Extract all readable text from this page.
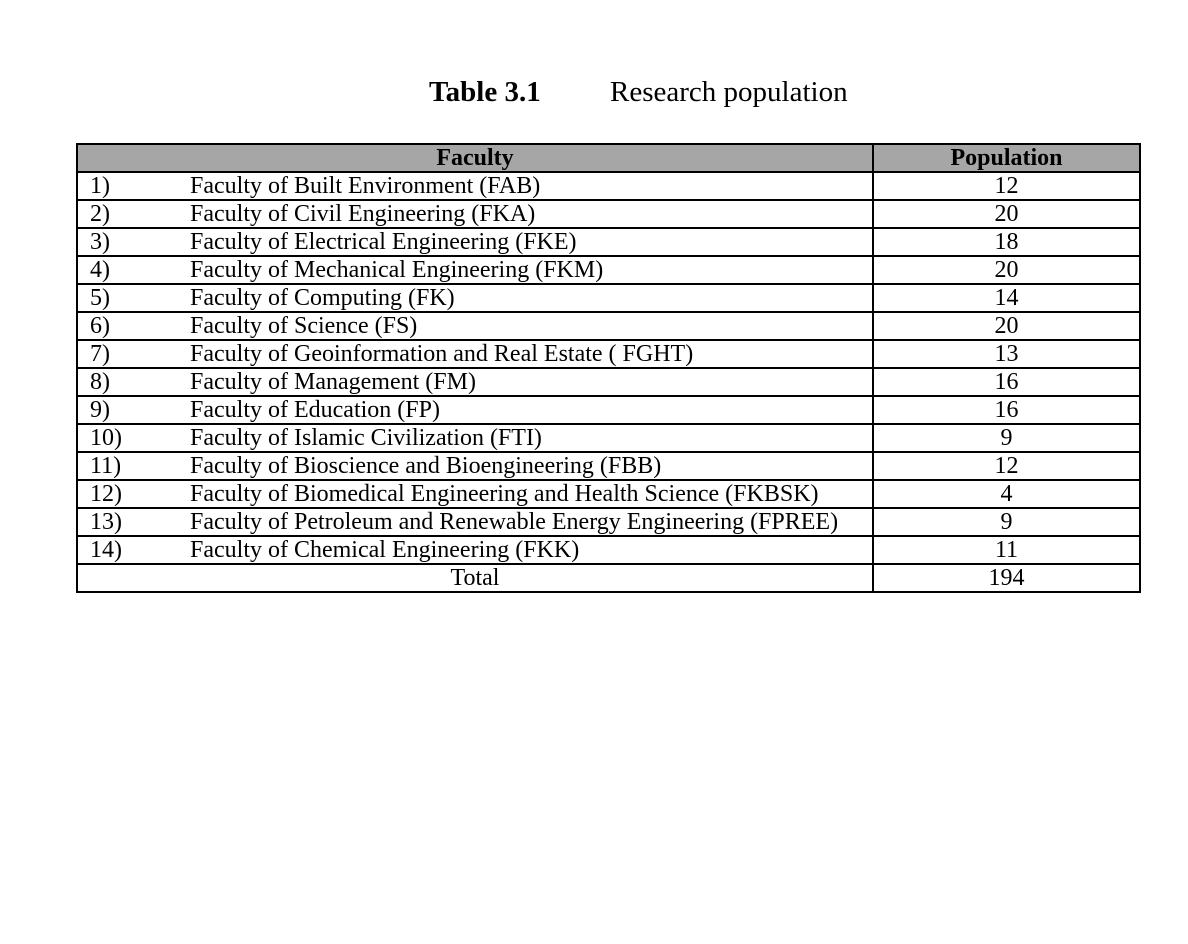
Table 3.1 Research population
Faculty	Population
1) Faculty of Built Environment (FAB)	12
2) Faculty of Civil Engineering (FKA)	20
3) Faculty of Electrical Engineering (FKE)	18
4) Faculty of Mechanical Engineering (FKM)	20
5) Faculty of Computing (FK)	14
6) Faculty of Science (FS)	20
7) Faculty of Geoinformation and Real Estate ( FGHT)	13
8) Faculty of Management (FM)	16
9) Faculty of Education (FP)	16
10) Faculty of Islamic Civilization (FTI)	9
11) Faculty of Bioscience and Bioengineering (FBB)	12
12) Faculty of Biomedical Engineering and Health Science (FKBSK)	4
13) Faculty of Petroleum and Renewable Energy Engineering (FPREE)	9
14) Faculty of Chemical Engineering (FKK)	11
Total	194
